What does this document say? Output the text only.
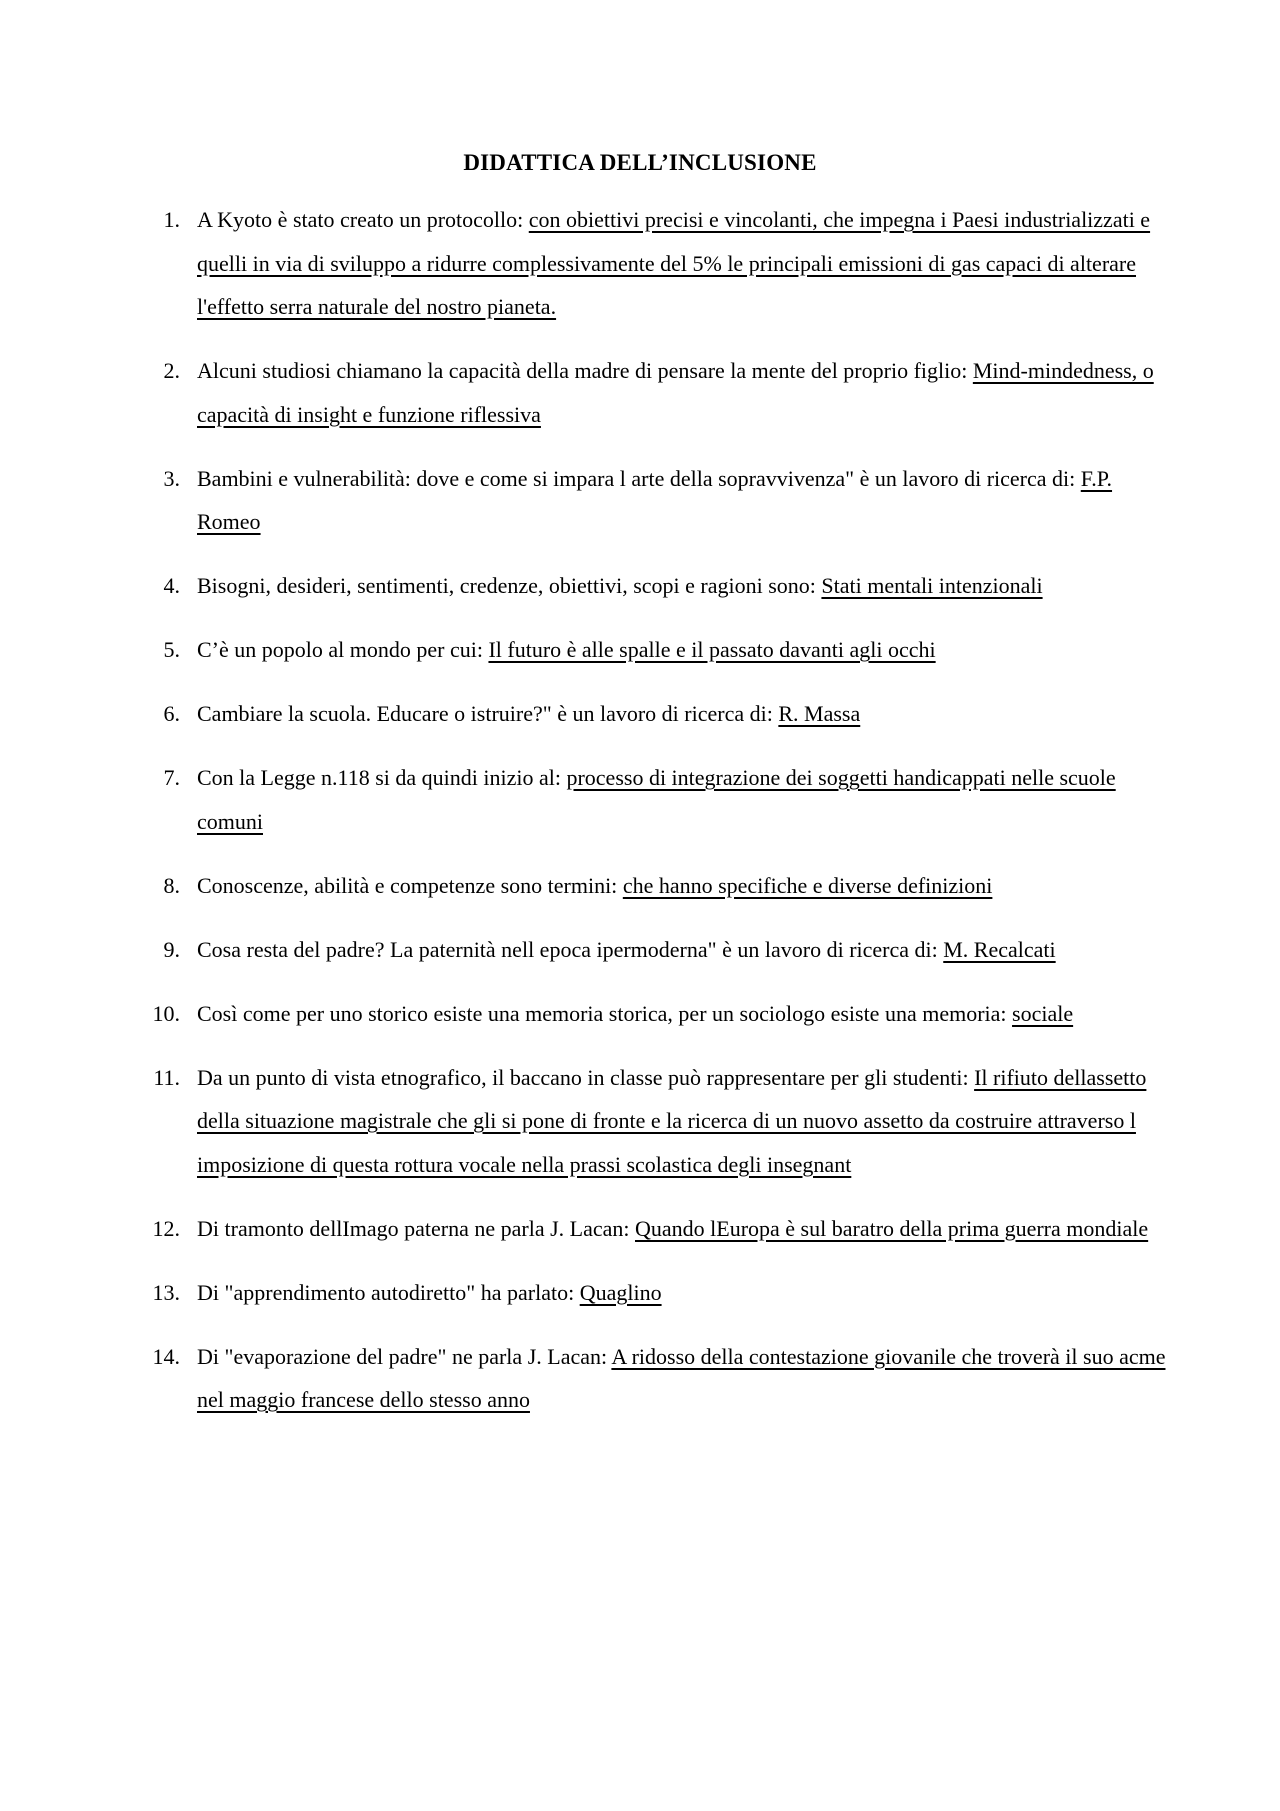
DIDATTICA DELL’INCLUSIONE
1. A Kyoto è stato creato un protocollo: con obiettivi precisi e vincolanti, che impegna i Paesi industrializzati e quelli in via di sviluppo a ridurre complessivamente del 5% le principali emissioni di gas capaci di alterare l'effetto serra naturale del nostro pianeta.
2. Alcuni studiosi chiamano la capacità della madre di pensare la mente del proprio figlio: Mind-mindedness, o capacità di insight e funzione riflessiva
3. Bambini e vulnerabilità: dove e come si impara l arte della sopravvivenza" è un lavoro di ricerca di: F.P. Romeo
4. Bisogni, desideri, sentimenti, credenze, obiettivi, scopi e ragioni sono: Stati mentali intenzionali
5. C’è un popolo al mondo per cui: Il futuro è alle spalle e il passato davanti agli occhi
6. Cambiare la scuola. Educare o istruire?" è un lavoro di ricerca di: R. Massa
7. Con la Legge n.118 si da quindi inizio al: processo di integrazione dei soggetti handicappati nelle scuole comuni
8. Conoscenze, abilità e competenze sono termini: che hanno specifiche e diverse definizioni
9. Cosa resta del padre? La paternità nell epoca ipermoderna" è un lavoro di ricerca di: M. Recalcati
10. Così come per uno storico esiste una memoria storica, per un sociologo esiste una memoria: sociale
11. Da un punto di vista etnografico, il baccano in classe può rappresentare per gli studenti: Il rifiuto dellassetto della situazione magistrale che gli si pone di fronte e la ricerca di un nuovo assetto da costruire attraverso l imposizione di questa rottura vocale nella prassi scolastica degli insegnant
12. Di tramonto dellImago paterna ne parla J. Lacan: Quando lEuropa è sul baratro della prima guerra mondiale
13. Di "apprendimento autodiretto" ha parlato: Quaglino
14. Di "evaporazione del padre" ne parla J. Lacan: A ridosso della contestazione giovanile che troverà il suo acme nel maggio francese dello stesso anno
